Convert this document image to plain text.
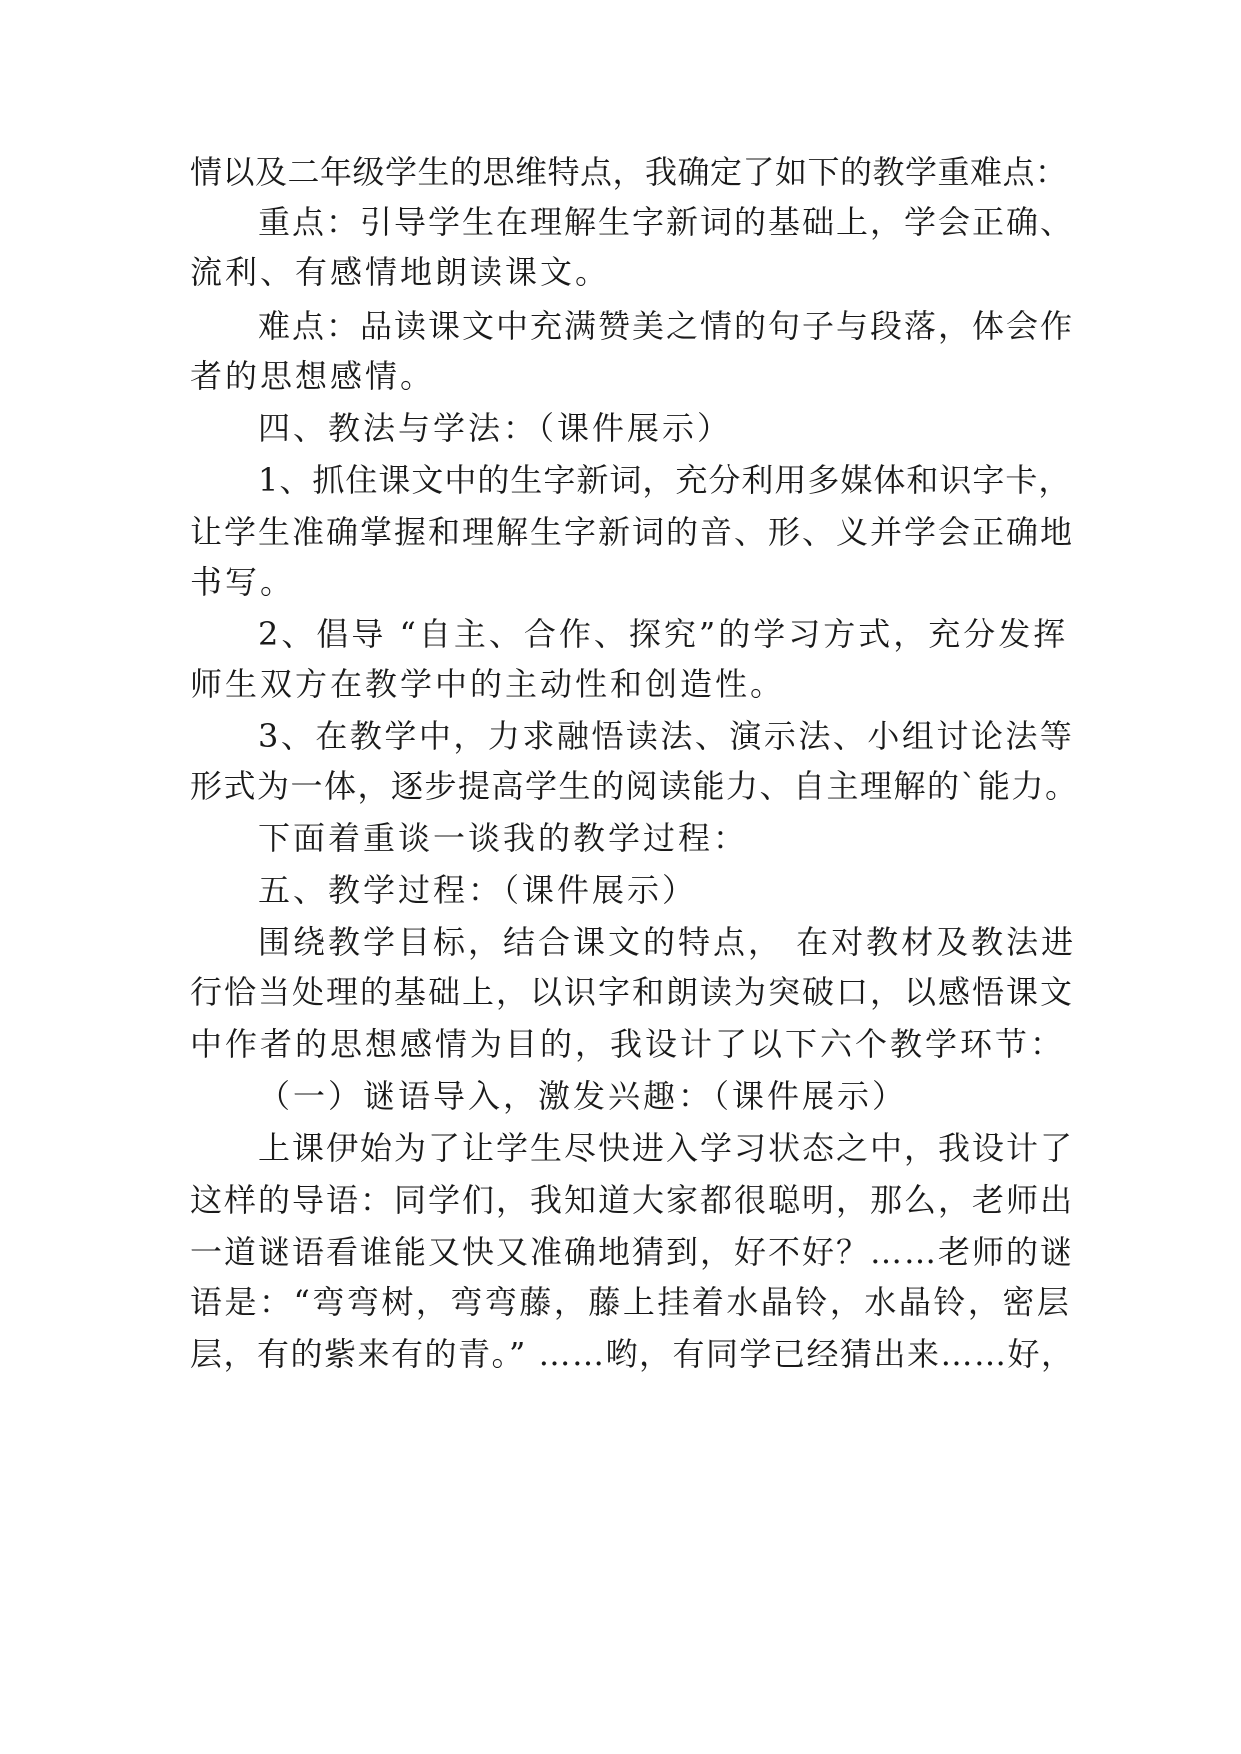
情以及二年级学生的思维特点，我确定了如下的教学重难点：
重点：引导学生在理解生字新词的基础上，学会正确、
流利、有感情地朗读课文。
难点：品读课文中充满赞美之情的句子与段落，体会作
者的思想感情。
四、教法与学法：（课件展示）
1、抓住课文中的生字新词，充分利用多媒体和识字卡，
让学生准确掌握和理解生字新词的音、形、义并学会正确地
书写。
2、倡导 “自主、合作、探究”的学习方式，充分发挥
师生双方在教学中的主动性和创造性。
3、在教学中，力求融悟读法、演示法、小组讨论法等
形式为一体，逐步提高学生的阅读能力、自主理解的`能力。
下面着重谈一谈我的教学过程：
五、教学过程：（课件展示）
围绕教学目标，结合课文的特点， 在对教材及教法进
行恰当处理的基础上，以识字和朗读为突破口，以感悟课文
中作者的思想感情为目的，我设计了以下六个教学环节：
（一）谜语导入，激发兴趣：（课件展示）
上课伊始为了让学生尽快进入学习状态之中，我设计了
这样的导语：同学们，我知道大家都很聪明，那么，老师出
一道谜语看谁能又快又准确地猜到，好不好？……老师的谜
语是：“弯弯树，弯弯藤，藤上挂着水晶铃，水晶铃，密层
层，有的紫来有的青。” ……哟，有同学已经猜出来……好，
